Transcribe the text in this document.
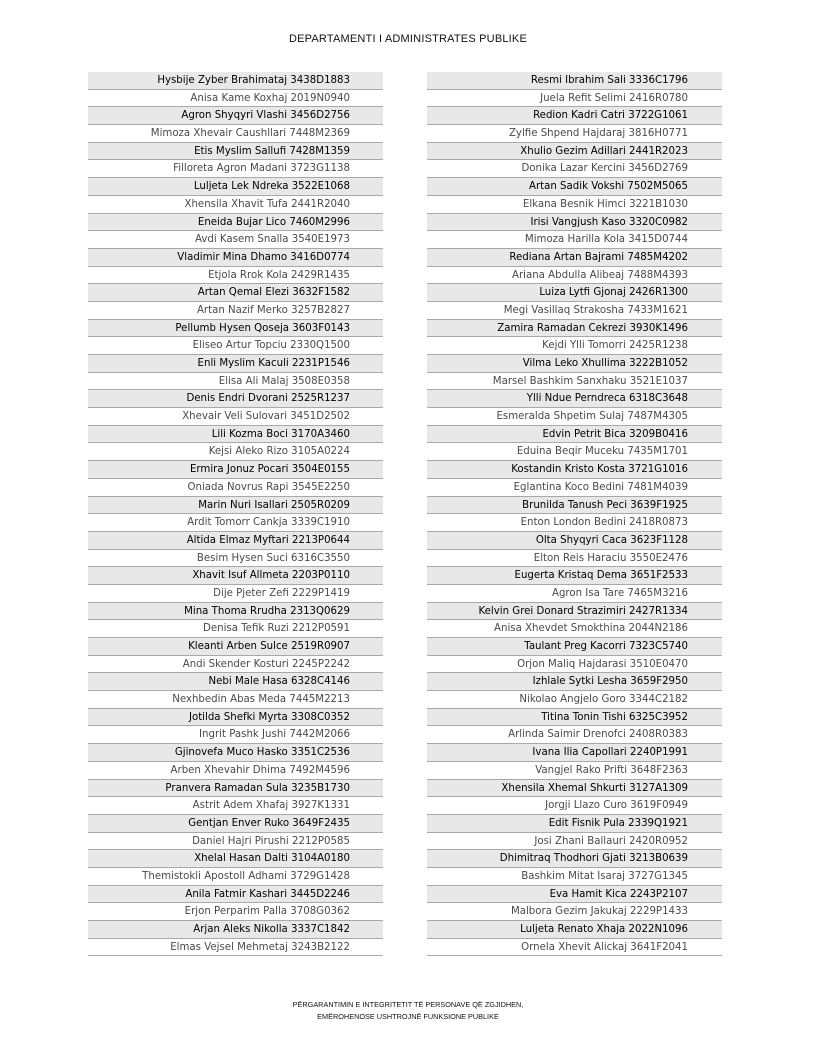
DEPARTAMENTI I ADMINISTRATES PUBLIKE
Hysbije Zyber Brahimataj 3438D1883
Anisa Kame Koxhaj 2019N0940
Agron Shyqyri Vlashi 3456D2756
Mimoza Xhevair Caushllari 7448M2369
Etis Myslim Sallufi 7428M1359
Filloreta Agron Madani 3723G1138
Luljeta Lek Ndreka 3522E1068
Xhensila Xhavit Tufa 2441R2040
Eneida Bujar Lico 7460M2996
Avdi Kasem Snalla 3540E1973
Vladimir Mina Dhamo 3416D0774
Etjola Rrok Kola 2429R1435
Artan Qemal Elezi 3632F1582
Artan Nazif Merko 3257B2827
Pellumb Hysen Qoseja 3603F0143
Eliseo Artur Topciu 2330Q1500
Enli Myslim Kaculi 2231P1546
Elisa Ali Malaj 3508E0358
Denis Endri Dvorani 2525R1237
Xhevair Veli Sulovari 3451D2502
Lili Kozma Boci 3170A3460
Kejsi Aleko Rizo 3105A0224
Ermira Jonuz Pocari 3504E0155
Oniada Novrus Rapi 3545E2250
Marin Nuri Isallari 2505R0209
Ardit Tomorr Cankja 3339C1910
Altida Elmaz Myftari 2213P0644
Besim Hysen Suci 6316C3550
Xhavit Isuf Allmeta 2203P0110
Dije Pjeter Zefi 2229P1419
Mina Thoma Rrudha 2313Q0629
Denisa Tefik Ruzi 2212P0591
Kleanti Arben Sulce 2519R0907
Andi Skender Kosturi 2245P2242
Nebi Male Hasa 6328C4146
Nexhbedin Abas Meda 7445M2213
Jotilda Shefki Myrta 3308C0352
Ingrit Pashk Jushi 7442M2066
Gjinovefa Muco Hasko 3351C2536
Arben Xhevahir Dhima 7492M4596
Pranvera Ramadan Sula 3235B1730
Astrit Adem Xhafaj 3927K1331
Gentjan Enver Ruko 3649F2435
Daniel Hajri Pirushi 2212P0585
Xhelal Hasan Dalti 3104A0180
Themistokli Apostoll Adhami 3729G1428
Anila Fatmir Kashari 3445D2246
Erjon Perparim Palla 3708G0362
Arjan Aleks Nikolla 3337C1842
Elmas Vejsel Mehmetaj 3243B2122
Resmi Ibrahim Sali 3336C1796
Juela Refit Selimi 2416R0780
Redion Kadri Catri 3722G1061
Zylfie Shpend Hajdaraj 3816H0771
Xhulio Gezim Adillari 2441R2023
Donika Lazar Kercini 3456D2769
Artan Sadik Vokshi 7502M5065
Elkana Besnik Himci 3221B1030
Irisi Vangjush Kaso 3320C0982
Mimoza Harilla Kola 3415D0744
Rediana Artan Bajrami 7485M4202
Ariana Abdulla Alibeaj 7488M4393
Luiza Lytfi Gjonaj 2426R1300
Megi Vasillaq Strakosha 7433M1621
Zamira Ramadan Cekrezi 3930K1496
Kejdi Ylli Tomorri 2425R1238
Vilma Leko Xhullima 3222B1052
Marsel Bashkim Sanxhaku 3521E1037
Ylli Ndue Perndreca 6318C3648
Esmeralda Shpetim Sulaj 7487M4305
Edvin Petrit Bica 3209B0416
Eduina Beqir Muceku 7435M1701
Kostandin Kristo Kosta 3721G1016
Eglantina Koco Bedini 7481M4039
Brunilda Tanush Peci 3639F1925
Enton London Bedini 2418R0873
Olta Shyqyri Caca 3623F1128
Elton Reis Haraciu 3550E2476
Eugerta Kristaq Dema 3651F2533
Agron Isa Tare 7465M3216
Kelvin Grei Donard Strazimiri 2427R1334
Anisa Xhevdet Smokthina 2044N2186
Taulant Preg Kacorri 7323C5740
Orjon Maliq Hajdarasi 3510E0470
Izhlale Sytki Lesha 3659F2950
Nikolao Angjelo Goro 3344C2182
Titina Tonin Tishi 6325C3952
Arlinda Saimir Drenofci 2408R0383
Ivana Ilia Capollari 2240P1991
Vangjel Rako Prifti 3648F2363
Xhensila Xhemal Shkurti 3127A1309
Jorgji Llazo Curo 3619F0949
Edit Fisnik Pula 2339Q1921
Josi Zhani Ballauri 2420R0952
Dhimitraq Thodhori Gjati 3213B0639
Bashkim Mitat Isaraj 3727G1345
Eva Hamit Kica 2243P2107
Malbora Gezim Jakukaj 2229P1433
Luljeta Renato Xhaja 2022N1096
Ornela Xhevit Alickaj 3641F2041
PËRGARANTIMIN E INTEGRITETIT TË PERSONAVE QË ZGJIDHEN,
EMËROHENOSE USHTROJNË FUNKSIONE PUBLIKE
